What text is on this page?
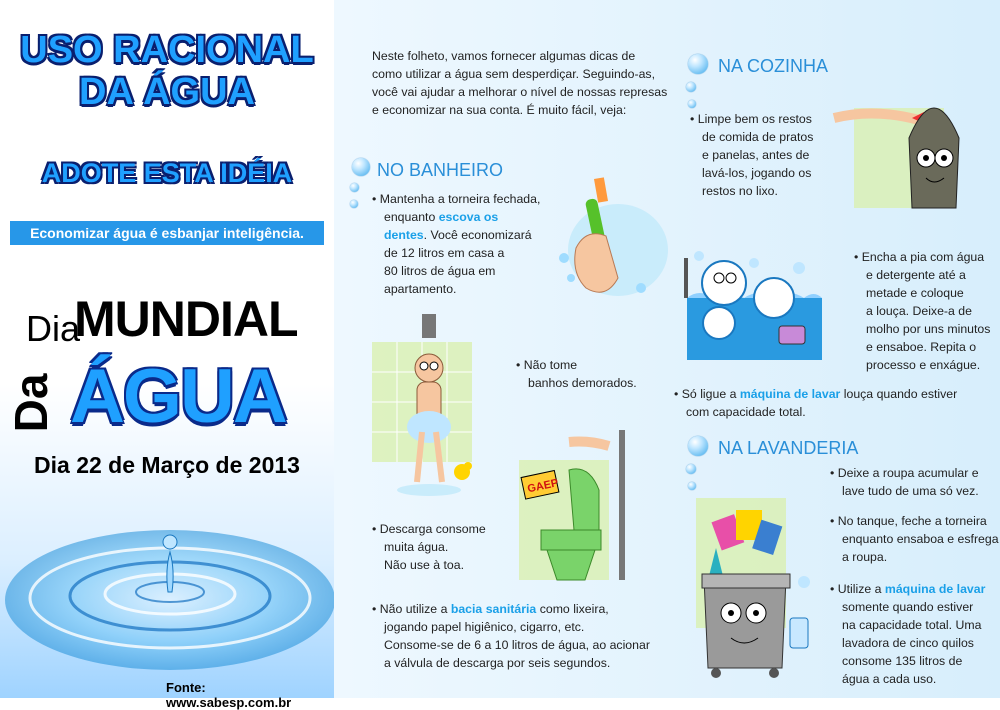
USO RACIONAL
DA ÁGUA
ADOTE ESTA IDÉIA
Economizar água é esbanjar inteligência.
Dia
MUNDIAL
Da ÁGUA
Dia 22 de Março de 2013
Fonte: www.sabesp.com.br
Neste folheto, vamos fornecer algumas dicas de
como utilizar a água sem desperdiçar. Seguindo-as,
você vai ajudar a melhorar o nível de nossas represas
e economizar na sua conta. É muito fácil, veja:
NO BANHEIRO
• Mantenha a torneira fechada,
enquanto escova os
dentes. Você economizará
de 12 litros em casa a
80 litros de água em
apartamento.
• Não tome
banhos demorados.
GAEP
• Descarga consome
muita água.
Não use à toa.
• Não utilize a bacia sanitária como lixeira,
jogando papel higiênico, cigarro, etc.
Consome-se de 6 a 10 litros de água, ao acionar
a válvula de descarga por seis segundos.
NA COZINHA
• Limpe bem os restos
de comida de pratos
e panelas, antes de
lavá-los, jogando os
restos no lixo.
• Encha a pia com água
e detergente até a
metade e coloque
a louça. Deixe-a de
molho por uns minutos
e ensaboe. Repita o
processo e enxágue.
• Só ligue a máquina de lavar louça quando estiver
com capacidade total.
NA LAVANDERIA
• Deixe a roupa acumular e
lave tudo de uma só vez.
• No tanque, feche a torneira
enquanto ensaboa e esfrega
a roupa.
• Utilize a máquina de lavar
somente quando estiver
na capacidade total. Uma
lavadora de cinco quilos
consome 135 litros de
água a cada uso.
